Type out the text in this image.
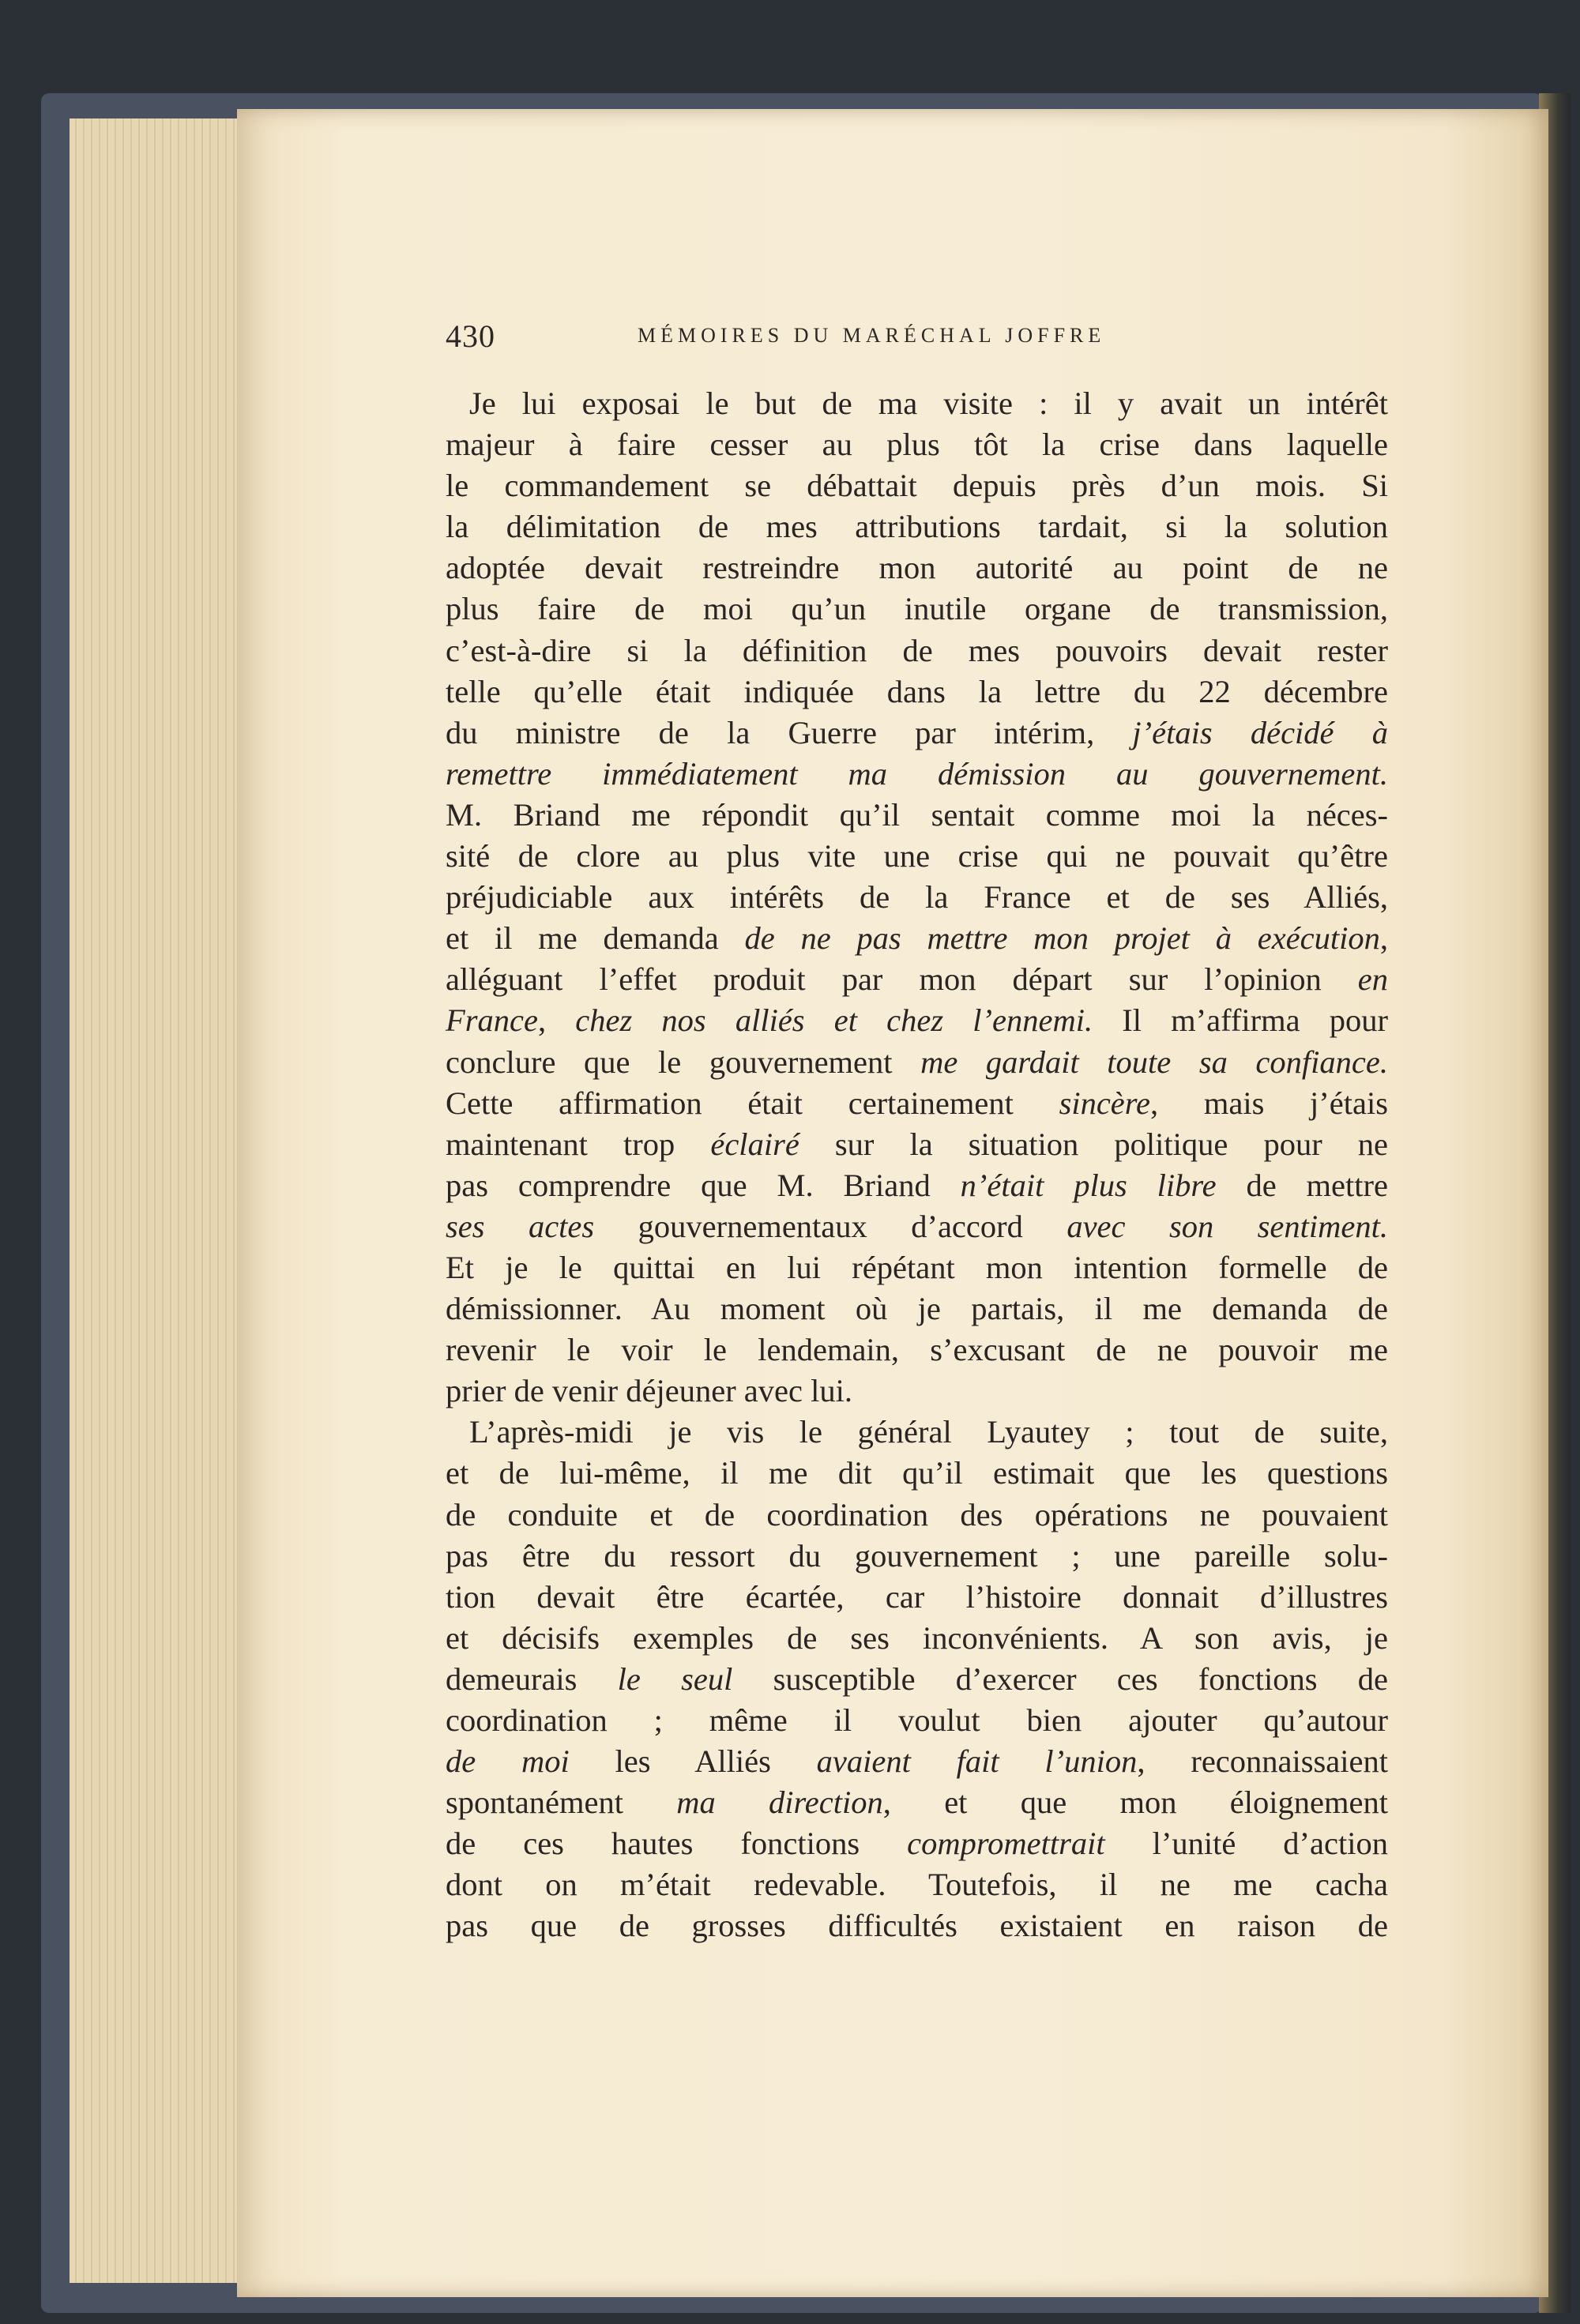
430	MÉMOIRES DU MARÉCHAL JOFFRE
Je lui exposai le but de ma visite : il y avait un intérêt
majeur à faire cesser au plus tôt la crise dans laquelle
le commandement se débattait depuis près d’un mois. Si
la délimitation de mes attributions tardait, si la solution
adoptée devait restreindre mon autorité au point de ne
plus faire de moi qu’un inutile organe de transmission,
c’est-à-dire si la définition de mes pouvoirs devait rester
telle qu’elle était indiquée dans la lettre du 22 décembre
du ministre de la Guerre par intérim, j’étais décidé à
remettre immédiatement ma démission au gouvernement.
M. Briand me répondit qu’il sentait comme moi la néces-
sité de clore au plus vite une crise qui ne pouvait qu’être
préjudiciable aux intérêts de la France et de ses Alliés,
et il me demanda de ne pas mettre mon projet à exécution,
alléguant l’effet produit par mon départ sur l’opinion en
France, chez nos alliés et chez l’ennemi. Il m’affirma pour
conclure que le gouvernement me gardait toute sa confiance.
Cette affirmation était certainement sincère, mais j’étais
maintenant trop éclairé sur la situation politique pour ne
pas comprendre que M. Briand n’était plus libre de mettre
ses actes gouvernementaux d’accord avec son sentiment.
Et je le quittai en lui répétant mon intention formelle de
démissionner. Au moment où je partais, il me demanda de
revenir le voir le lendemain, s’excusant de ne pouvoir me
prier de venir déjeuner avec lui.
L’après-midi je vis le général Lyautey ; tout de suite,
et de lui-même, il me dit qu’il estimait que les questions
de conduite et de coordination des opérations ne pouvaient
pas être du ressort du gouvernement ; une pareille solu-
tion devait être écartée, car l’histoire donnait d’illustres
et décisifs exemples de ses inconvénients. A son avis, je
demeurais le seul susceptible d’exercer ces fonctions de
coordination ; même il voulut bien ajouter qu’autour
de moi les Alliés avaient fait l’union, reconnaissaient
spontanément ma direction, et que mon éloignement
de ces hautes fonctions compromettrait l’unité d’action
dont on m’était redevable. Toutefois, il ne me cacha
pas que de grosses difficultés existaient en raison de
